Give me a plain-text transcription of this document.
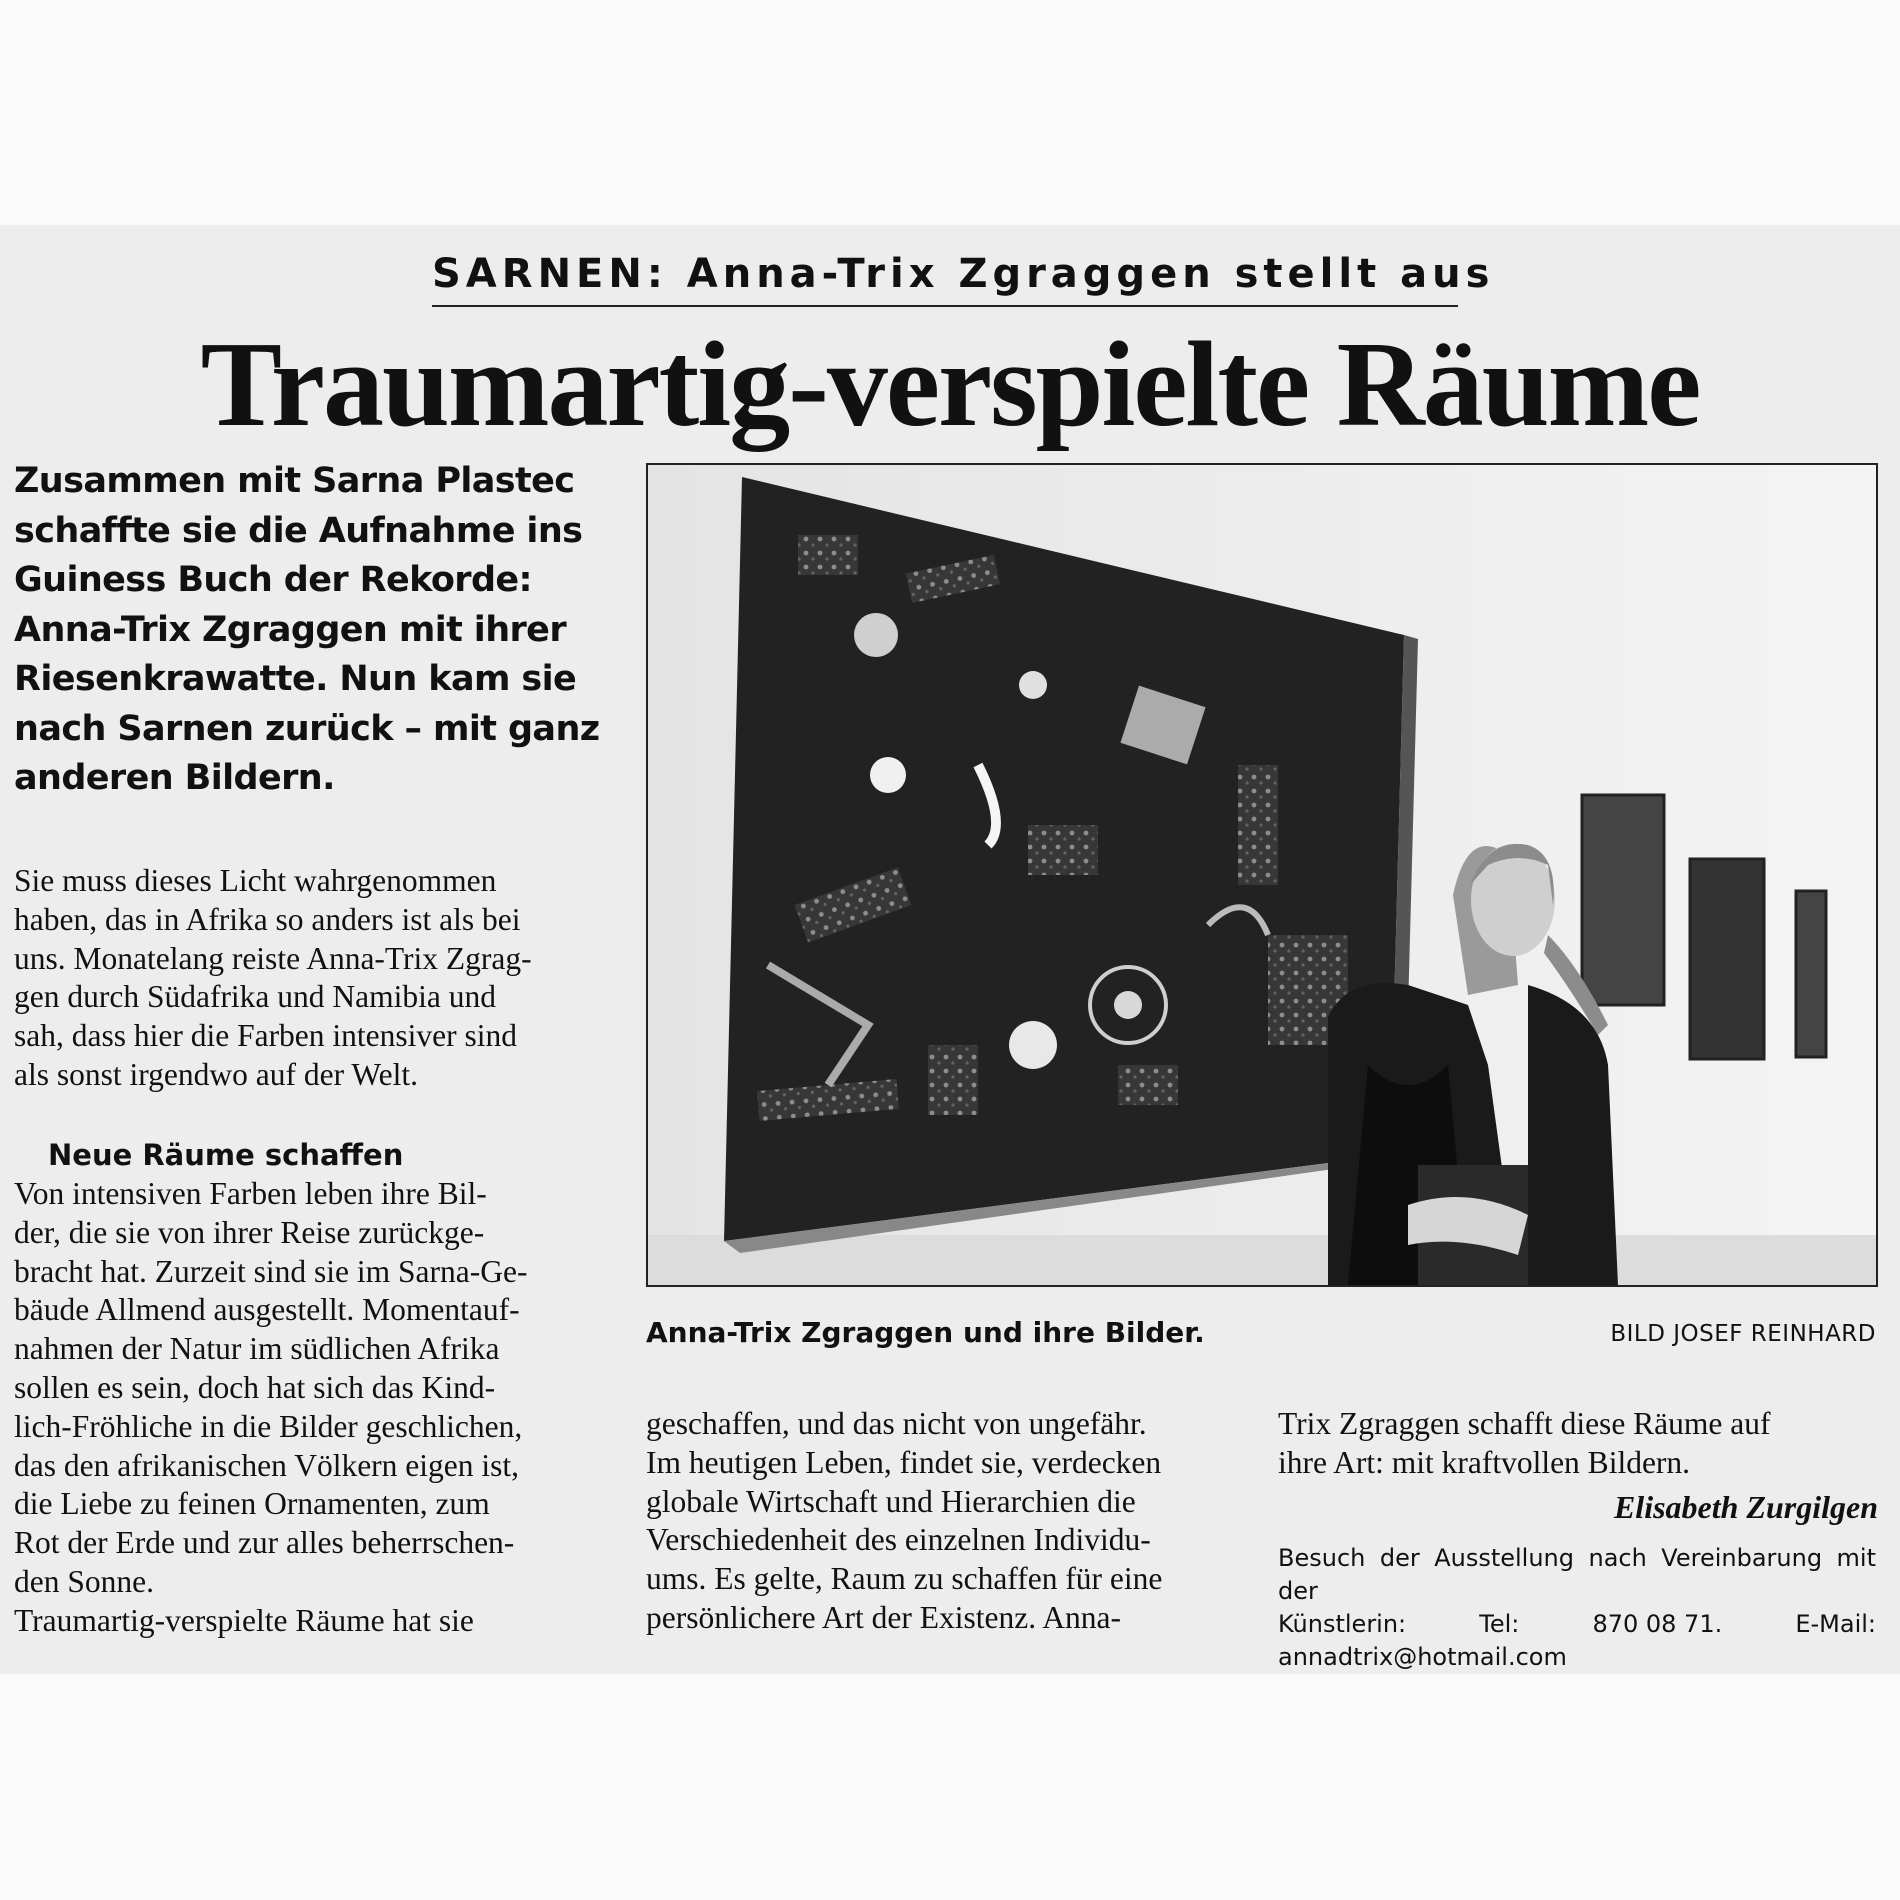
SARNEN: Anna-Trix Zgraggen stellt aus
Traumartig-verspielte Räume
Zusammen mit Sarna Plastec
schaffte sie die Aufnahme ins
Guiness Buch der Rekorde:
Anna-Trix Zgraggen mit ihrer
Riesenkrawatte. Nun kam sie
nach Sarnen zurück – mit ganz
anderen Bildern.
Sie muss dieses Licht wahrgenommen
haben, das in Afrika so anders ist als bei
uns. Monatelang reiste Anna-Trix Zgrag-
gen durch Südafrika und Namibia und
sah, dass hier die Farben intensiver sind
als sonst irgendwo auf der Welt.
Neue Räume schaffen
Von intensiven Farben leben ihre Bil-
der, die sie von ihrer Reise zurückge-
bracht hat. Zurzeit sind sie im Sarna-Ge-
bäude Allmend ausgestellt. Momentauf-
nahmen der Natur im südlichen Afrika
sollen es sein, doch hat sich das Kind-
lich-Fröhliche in die Bilder geschlichen,
das den afrikanischen Völkern eigen ist,
die Liebe zu feinen Ornamenten, zum
Rot der Erde und zur alles beherrschen-
den Sonne.
Traumartig-verspielte Räume hat sie
Anna-Trix Zgraggen und ihre Bilder.	BILD JOSEF REINHARD
geschaffen, und das nicht von ungefähr.
Im heutigen Leben, findet sie, verdecken
globale Wirtschaft und Hierarchien die
Verschiedenheit des einzelnen Individu-
ums. Es gelte, Raum zu schaffen für eine
persönlichere Art der Existenz. Anna-
Trix Zgraggen schafft diese Räume auf
ihre Art: mit kraftvollen Bildern.
Elisabeth Zurgilgen
Besuch der Ausstellung nach Vereinbarung mit der
Künstlerin:	Tel:	870 08 71.	E-Mail:
annadtrix@hotmail.com
